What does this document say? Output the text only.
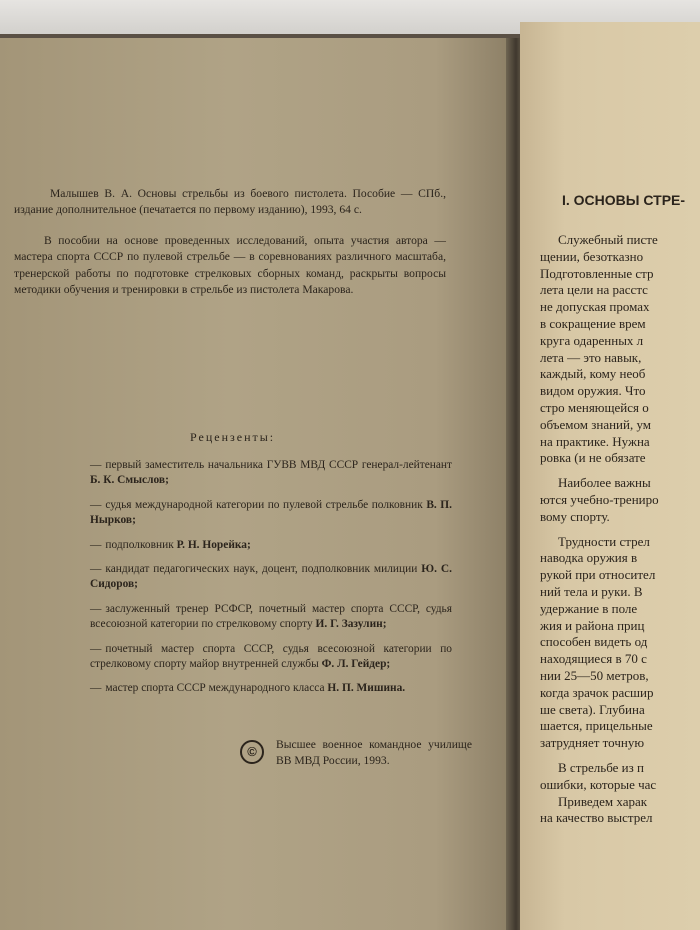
Малышев В. А. Основы стрельбы из боевого пистолета. Пособие — СПб., издание дополнительное (печатается по первому изданию), 1993, 64 с.

В пособии на основе проведенных исследований, опыта участия автора — мастера спорта СССР по пулевой стрельбе — в соревнованиях различного масштаба, тренерской работы по подготовке стрелковых сборных команд, раскрыты вопросы методики обучения и тренировки в стрельбе из пистолета Макарова.

Рецензенты:
— первый заместитель начальника ГУВВ МВД СССР генерал-лейтенант Б. К. Смыслов;
— судья международной категории по пулевой стрельбе полковник В. П. Нырков;
— подполковник Р. Н. Норейка;
— кандидат педагогических наук, доцент, подполковник милиции Ю. С. Сидоров;
— заслуженный тренер РСФСР, почетный мастер спорта СССР, судья всесоюзной категории по стрелковому спорту И. Г. Зазулин;
— почетный мастер спорта СССР, судья всесоюзной категории по стрелковому спорту майор внутренней службы Ф. Л. Гейдер;
— мастер спорта СССР международного класса Н. П. Мишина.
©	Высшее военное командное училище ВВ МВД России, 1993.
I. ОСНОВЫ СТРЕ-
Служебный писте
щении, безотказно
Подготовленные стр
лета цели на расстс
не допуская промах
в сокращение врем
круга одаренных л
лета — это навык,
каждый, кому необ
видом оружия. Что
стро меняющейся о
объемом знаний, ум
на практике. Нужна
ровка (и не обязате
Наиболее важны
ются учебно-трениро
вому спорту.
Трудности стрел
наводка оружия в
рукой при относител
ний тела и руки. В
удержание в поле
жия и района приц
способен видеть од
находящиеся в 70 с
нии 25—50 метров,
когда зрачок расшир
ше света). Глубина
шается, прицельные
затрудняет точную
В стрельбе из п
ошибки, которые час
Приведем харак
на качество выстрел
